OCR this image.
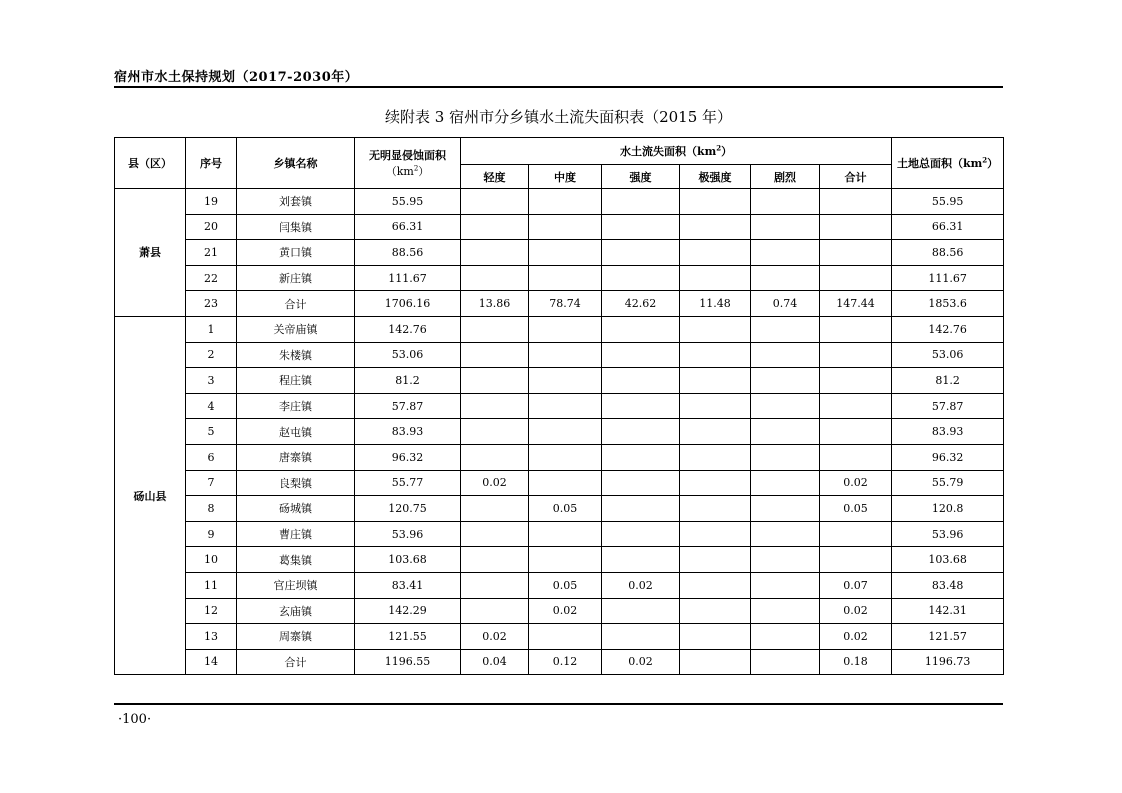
宿州市水土保持规划（2017-2030年）
续附表 3 宿州市分乡镇水土流失面积表（2015 年）
县（区）	序号	乡镇名称	无明显侵蚀面积
$(km^2)$	水土流失面积$(km^2)$						土地总面积$(km^2)$
				轻度	中度	强度	极强度	剧烈	合计	
萧县	19	刘套镇	55.95							55.95
	20	闫集镇	66.31							66.31
	21	黄口镇	88.56							88.56
	22	新庄镇	111.67							111.67
	23	合计	1706.16	13.86	78.74	42.62	11.48	0.74	147.44	1853.6
砀山县	1	关帝庙镇	142.76							142.76
	2	朱楼镇	53.06							53.06
	3	程庄镇	81.2							81.2
	4	李庄镇	57.87							57.87
	5	赵屯镇	83.93							83.93
	6	唐寨镇	96.32							96.32
	7	良梨镇	55.77	0.02					0.02	55.79
	8	砀城镇	120.75		0.05				0.05	120.8
	9	曹庄镇	53.96							53.96
	10	葛集镇	103.68							103.68
	11	官庄坝镇	83.41		0.05	0.02			0.07	83.48
	12	玄庙镇	142.29		0.02				0.02	142.31
	13	周寨镇	121.55	0.02					0.02	121.57
	14	合计	1196.55	0.04	0.12	0.02			0.18	1196.73
·100·
